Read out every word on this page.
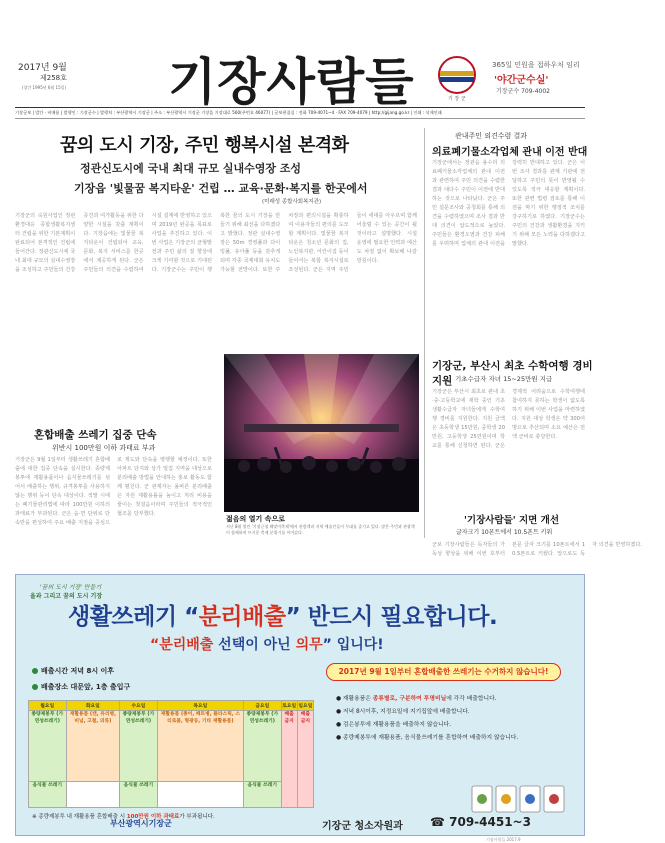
2017년 9월
제258호
(창간 1995년 6월 15일) 기장사람들	기 장 군
365일 민원을 접하우처 임리
'야간군수실'
기장군수 709-4002
기장군보 | 발간 · 비매품 | 발행인 : 기장군수 | 발행처 : 부산광역시 기장군 | 주소 : 부산광역시 기장군 기장읍 기장대로 560(주번호 46077) | 군보편집실 : 전화 709-4071~4 · FAX 709-4079 | http://gijang.go.kr | 인쇄 : 삭제인쇄
꿈의 도시 기장, 주민 행복시설 본격화
정관신도시에 국내 최대 규모 실내수영장 조성
기장읍 '빛물꿈 복지타운' 건립 … 교육·문화·복지를 한곳에서
(미래성 종합사회복지관)
기장군의 숙원사업인 정관 환경대응 종합생활복지센터 건립을 위한 기본계획이 완료되어 본격적인 건립에 들어간다. 정관신도시에 국내 최대 규모의 실내수영장을 조성하고 주민들의 건강증진과 여가활동을 위한 다양한 시설을 갖출 계획이다. 기장읍에는 빛물꿈 복지타운이 건립되어 교육, 문화, 복지 서비스를 한곳에서 제공하게 된다. 군은 주민들의 의견을 수렴하여 시설 설계에 반영하고 있으며 2019년 완공을 목표로 사업을 추진하고 있다. 이번 사업은 기장군의 균형발전과 주민 삶의 질 향상에 크게 기여할 것으로 기대된다. 기장군수는 주민이 행복한 꿈의 도시 기장을 만들기 위해 최선을 다하겠다고 밝혔다. 정관 실내수영장은 50m 경영풀과 다이빙풀, 유아풀 등을 갖추게 되며 각종 국제대회 유치도 가능할 전망이다. 또한 주차장과 편의시설을 확충하여 이용자들의 편의를 도모할 계획이다. 빛물꿈 복지타운은 청소년 문화의 집, 노인복지관, 어린이집 등이 들어서는 복합 복지시설로 조성된다. 군은 지역 주민들이 세대를 아우르며 함께 어울릴 수 있는 공간이 될 것이라고 설명했다. 시설 운영에 필요한 인력과 예산도 차질 없이 확보해 나갈 방침이다.
관내주민 외견수렴 결과
의료폐기물소각업체 관내 이전 반대
기장군에서는 정관읍 용수리 의료폐기물소각업체의 관내 이전과 관련하여 주민 의견을 수렴한 결과 대다수 주민이 이전에 반대하는 것으로 나타났다. 군은 주민 설문조사와 공청회를 통해 의견을 수렴하였으며 조사 결과 반대 의견이 압도적으로 높았다. 주민들은 환경오염과 건강 피해를 우려하며 업체의 관내 이전을 강력히 반대하고 있다. 군은 이번 조사 결과를 관계 기관에 전달하고 주민의 뜻이 반영될 수 있도록 적극 대응할 계획이다. 또한 관련 법령 검토를 통해 이전을 막기 위한 행정적 조치를 강구하기로 하였다. 기장군수는 주민의 건강과 생활환경을 지키기 위해 모든 노력을 다하겠다고 말했다.
기장군, 부산시 최초 수학여행 경비 지원 기초수급자 자녀 15~25만원 지급
기장군은 부산시 최초로 관내 초·중·고등학교에 재학 중인 기초생활수급자 자녀들에게 수학여행 경비를 지원한다. 지원 금액은 초등학생 15만원, 중학생 20만원, 고등학생 25만원이며 학교를 통해 신청하면 된다. 군은 경제적 어려움으로 수학여행에 참여하지 못하는 학생이 없도록 하기 위해 이번 사업을 마련하였다. 지원 대상 학생은 약 300여 명으로 추산되며 소요 예산은 전액 군비로 충당한다.
'기장사람들' 지면 개선
글자크기 10폰트에서 10.5폰트 키워
군보 기장사람들은 독자들의 가독성 향상을 위해 이번 호부터 본문 글자 크기를 10폰트에서 10.5폰트로 키웠다. 앞으로도 독자 의견을 반영하겠다.
혼합배출 쓰레기 집중 단속
위반시 100만원 이하 과태료 부과
기장군은 9월 1일부터 생활쓰레기 혼합배출에 대한 집중 단속을 실시한다. 종량제 봉투에 재활용품이나 음식물쓰레기를 섞어서 배출하는 행위, 규격봉투를 사용하지 않는 행위 등이 단속 대상이다. 적발 시에는 폐기물관리법에 따라 100만원 이하의 과태료가 부과된다. 군은 읍·면 단위로 단속반을 편성하여 주요 배출 지점을 중심으로 계도와 단속을 병행할 예정이다. 또한 아파트 단지와 상가 밀집 지역을 대상으로 분리배출 방법을 안내하는 홍보 활동도 함께 펼친다. 군 관계자는 올바른 분리배출은 자원 재활용률을 높이고 처리 비용을 줄이는 첫걸음이라며 주민들의 적극적인 협조를 당부했다.
젊음의 열기 속으로
지난 8월 열린 '기장군청 해맞이축제'에서 관람객과 지역 예술인들이 무대를 즐기고 있다. 많은 주민과 관광객이 함께하며 뜨거운 축제 분위기를 이어갔다.
'꿈의 도시 기장' 만들기
올과 그리고 꿈의 도시 기장
생활쓰레기 “분리배출” 반드시 필요합니다.
“분리배출 선택이 아닌 의무” 입니다!
배출시간 저녁 8시 이후
배출장소 대문앞, 1층 출입구
월요일	화요일	수요일	목요일	금요일	토요일	일요일
종량제봉투 (가연성쓰레기)	재활용품 (캔, 유리병, 비닐, 고철, 의류)	종량제봉투 (가연성쓰레기)	재활용품 (종이, 페트병, 플라스틱, 스티로폼, 형광등, 기타 재활용품)	종량제봉투 (가연성쓰레기)	배출 금지	배출 금지
음식물 쓰레기		음식물 쓰레기		음식물 쓰레기		
※ 종량제봉투 내 재활용품 혼합배출 시 100만원 이하 과태료가 부과됩니다.
2017년 9월 1일부터 혼합배출한 쓰레기는 수거하지 않습니다!
● 재활용품은 종류별로, 구분하여 투명비닐에 각각 배출합니다.
● 저녁 8시이후, 지정요일에 지기집앞에 배출합니다.
● 검은봉투에 재활용품을 배출하지 않습니다.
● 종량제봉투에 재활용품, 음식물쓰레기를 혼합하여 배출하지 않습니다.
부산광역시기장군	기장군 청소자원과 ☎ 709-4451~3
기장사람들 2017.9
